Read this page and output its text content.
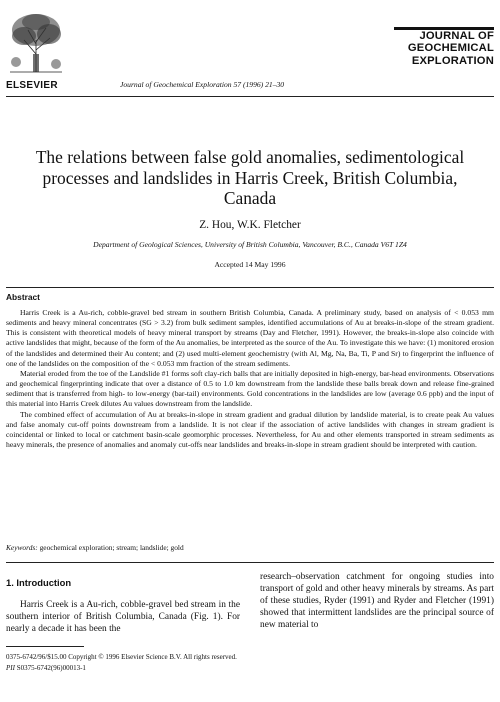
ELSEVIER	Journal of Geochemical Exploration 57 (1996) 21–30
JOURNAL OF
GEOCHEMICAL
EXPLORATION
The relations between false gold anomalies, sedimentological processes and landslides in Harris Creek, British Columbia, Canada
Z. Hou, W.K. Fletcher
Department of Geological Sciences, University of British Columbia, Vancouver, B.C., Canada V6T 1Z4
Accepted 14 May 1996
Abstract

Harris Creek is a Au-rich, cobble-gravel bed stream in southern British Columbia, Canada. A preliminary study, based on analysis of < 0.053 mm sediments and heavy mineral concentrates (SG > 3.2) from bulk sediment samples, identified accumulations of Au at breaks-in-slope of the stream gradient. This is consistent with theoretical models of heavy mineral transport by streams (Day and Fletcher, 1991). However, the breaks-in-slope also coincide with active landslides that might, because of the form of the Au anomalies, be interpreted as the source of the Au. To investigate this we have: (1) monitored erosion of the landslides and determined their Au content; and (2) used multi-element geochemistry (with Al, Mg, Na, Ba, Ti, P and Sr) to fingerprint the influence of one of the landslides on the composition of the < 0.053 mm fraction of the stream sediments.

Material eroded from the toe of the Landslide #1 forms soft clay-rich balls that are initially deposited in high-energy, bar-head environments. Observations and geochemical fingerprinting indicate that over a distance of 0.5 to 1.0 km downstream from the landslide these balls break down and release fine-grained sediment that is transferred from high- to low-energy (bar-tail) environments. Gold concentrations in the landslides are low (average 0.6 ppb) and the input of this material into Harris Creek dilutes Au values downstream from the landslide.

The combined effect of accumulation of Au at breaks-in-slope in stream gradient and gradual dilution by landslide material, is to create peak Au values and false anomaly cut-off points downstream from a landslide. It is not clear if the association of active landslides with changes in stream gradient is coincidental or linked to local or catchment basin-scale geomorphic processes. Nevertheless, for Au and other elements transported in stream sediments as heavy minerals, the presence of anomalies and anomaly cut-offs near landslides and breaks-in-slope in stream gradient should be interpreted with caution.

Keywords: geochemical exploration; stream; landslide; gold
1. Introduction

Harris Creek is a Au-rich, cobble-gravel bed stream in the southern interior of British Columbia, Canada (Fig. 1). For nearly a decade it has been the

research–observation catchment for ongoing studies into transport of gold and other heavy minerals by streams. As part of these studies, Ryder (1991) and Ryder and Fletcher (1991) showed that intermittent landslides are the principal source of new material to

0375-6742/96/$15.00 Copyright © 1996 Elsevier Science B.V. All rights reserved.
PII S0375-6742(96)00013-1
